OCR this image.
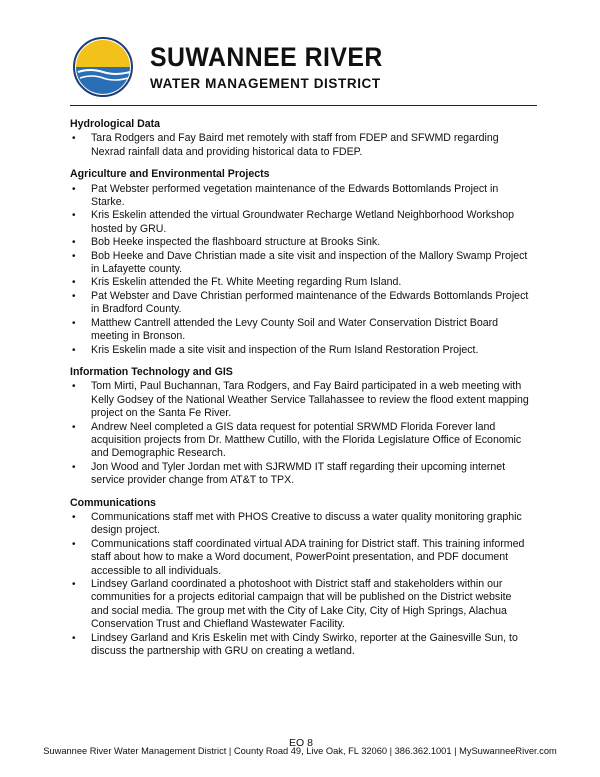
SUWANNEE RIVER
WATER MANAGEMENT DISTRICT
Hydrological Data
• Tara Rodgers and Fay Baird met remotely with staff from FDEP and SFWMD regarding Nexrad rainfall data and providing historical data to FDEP.
Agriculture and Environmental Projects
• Pat Webster performed vegetation maintenance of the Edwards Bottomlands Project in Starke.
• Kris Eskelin attended the virtual Groundwater Recharge Wetland Neighborhood Workshop hosted by GRU.
• Bob Heeke inspected the flashboard structure at Brooks Sink.
• Bob Heeke and Dave Christian made a site visit and inspection of the Mallory Swamp Project in Lafayette county.
• Kris Eskelin attended the Ft. White Meeting regarding Rum Island.
• Pat Webster and Dave Christian performed maintenance of the Edwards Bottomlands Project in Bradford County.
• Matthew Cantrell attended the Levy County Soil and Water Conservation District Board meeting in Bronson.
• Kris Eskelin made a site visit and inspection of the Rum Island Restoration Project.
Information Technology and GIS
• Tom Mirti, Paul Buchannan, Tara Rodgers, and Fay Baird participated in a web meeting with Kelly Godsey of the National Weather Service Tallahassee to review the flood extent mapping project on the Santa Fe River.
• Andrew Neel completed a GIS data request for potential SRWMD Florida Forever land acquisition projects from Dr. Matthew Cutillo, with the Florida Legislature Office of Economic and Demographic Research.
• Jon Wood and Tyler Jordan met with SJRWMD IT staff regarding their upcoming internet service provider change from AT&T to TPX.
Communications
• Communications staff met with PHOS Creative to discuss a water quality monitoring graphic design project.
• Communications staff coordinated virtual ADA training for District staff. This training informed staff about how to make a Word document, PowerPoint presentation, and PDF document accessible to all individuals.
• Lindsey Garland coordinated a photoshoot with District staff and stakeholders within our communities for a projects editorial campaign that will be published on the District website and social media. The group met with the City of Lake City, City of High Springs, Alachua Conservation Trust and Chiefland Wastewater Facility.
• Lindsey Garland and Kris Eskelin met with Cindy Swirko, reporter at the Gainesville Sun, to discuss the partnership with GRU on creating a wetland.
EO 8
Suwannee River Water Management District | County Road 49, Live Oak, FL 32060 | 386.362.1001 | MySuwanneeRiver.com
